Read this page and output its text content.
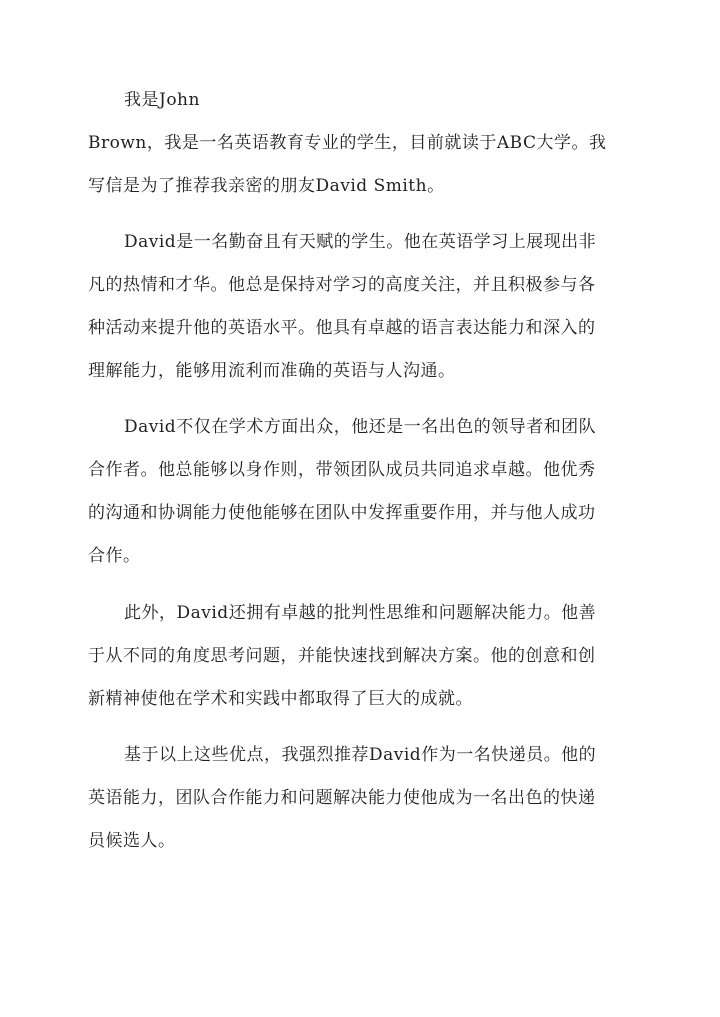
我是John
Brown，我是一名英语教育专业的学生，目前就读于ABC大学。我
写信是为了推荐我亲密的朋友David Smith。
David是一名勤奋且有天赋的学生。他在英语学习上展现出非
凡的热情和才华。他总是保持对学习的高度关注，并且积极参与各
种活动来提升他的英语水平。他具有卓越的语言表达能力和深入的
理解能力，能够用流利而准确的英语与人沟通。
David不仅在学术方面出众，他还是一名出色的领导者和团队
合作者。他总能够以身作则，带领团队成员共同追求卓越。他优秀
的沟通和协调能力使他能够在团队中发挥重要作用，并与他人成功
合作。
此外，David还拥有卓越的批判性思维和问题解决能力。他善
于从不同的角度思考问题，并能快速找到解决方案。他的创意和创
新精神使他在学术和实践中都取得了巨大的成就。
基于以上这些优点，我强烈推荐David作为一名快递员。他的
英语能力，团队合作能力和问题解决能力使他成为一名出色的快递
员候选人。
